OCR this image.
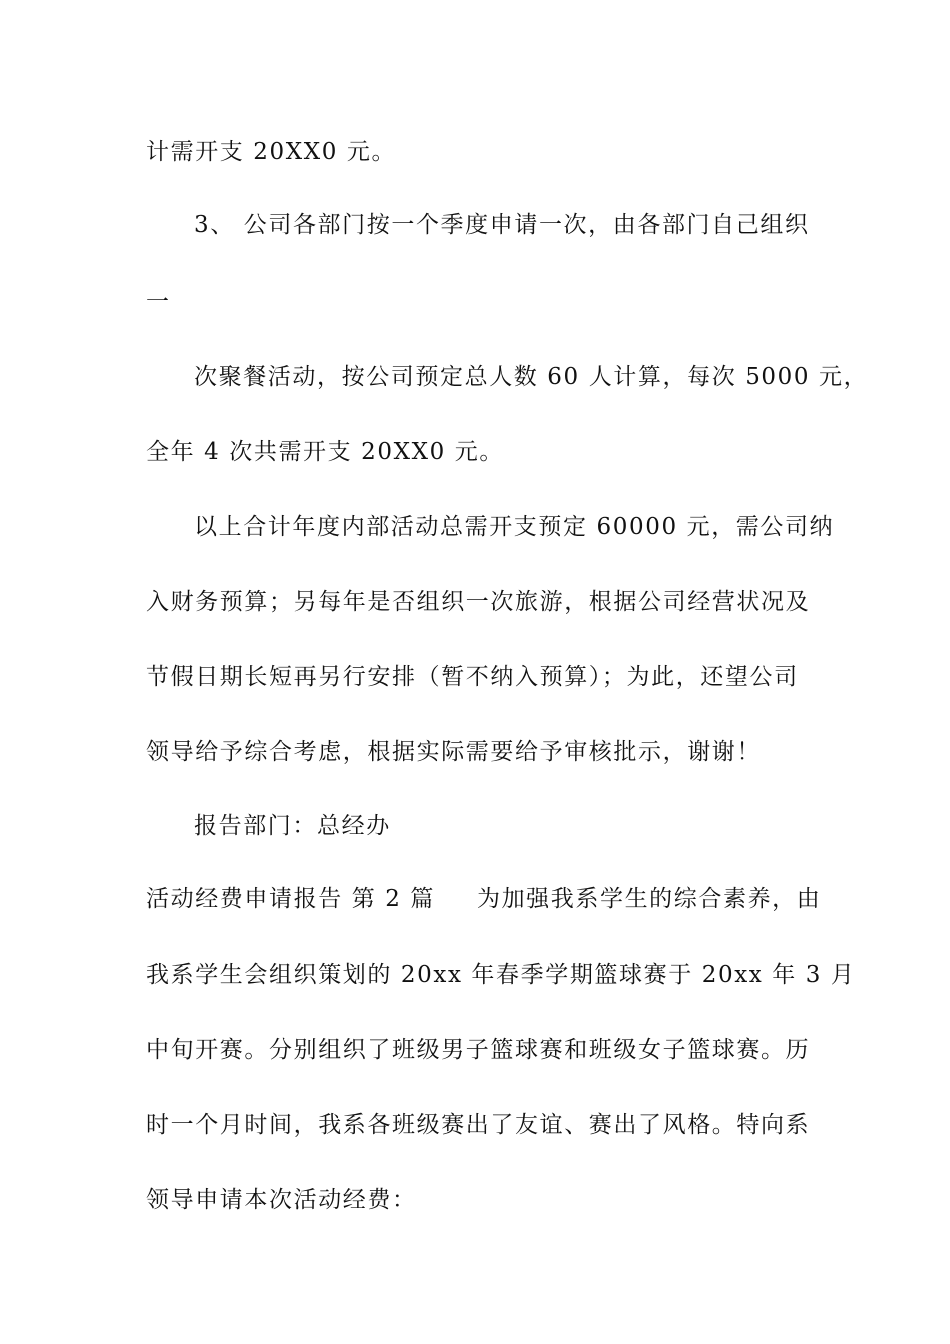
计需开支 20XX0 元。
3、 公司各部门按一个季度申请一次，由各部门自己组织
一
次聚餐活动，按公司预定总人数 60 人计算，每次 5000 元，
全年 4 次共需开支 20XX0 元。
以上合计年度内部活动总需开支预定 60000 元，需公司纳
入财务预算；另每年是否组织一次旅游，根据公司经营状况及
节假日期长短再另行安排（暂不纳入预算）；为此，还望公司
领导给予综合考虑，根据实际需要给予审核批示，谢谢！
报告部门：总经办
活动经费申请报告 第 2 篇 为加强我系学生的综合素养，由
我系学生会组织策划的 20xx 年春季学期篮球赛于 20xx 年 3 月
中旬开赛。分别组织了班级男子篮球赛和班级女子篮球赛。历
时一个月时间，我系各班级赛出了友谊、赛出了风格。特向系
领导申请本次活动经费：
